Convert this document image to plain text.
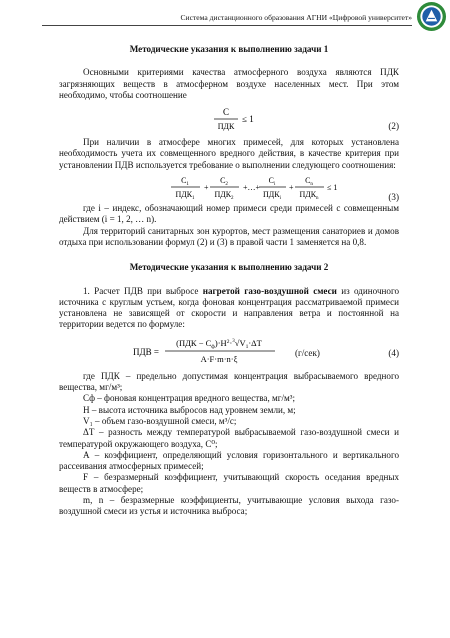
Система дистанционного образования АГНИ «Цифровой университет»
Методические указания к выполнению задачи 1

Основными критериями качества атмосферного воздуха являются ПДК загрязняющих веществ в атмосферном воздухе населенных мест. При этом необходимо, чтобы соотношение

C
ПДК
≤ 1
(2)

При наличии в атмосфере многих примесей, для которых установлена необходимость учета их совмещенного вредного действия, в качестве критерия при установлении ПДВ используется требование о выполнении следующего соотношения:

$C_1$
$ПДК_1$
+
$C_2$
$ПДК_2$
+…+
$C_i$
$ПДК_i$
+
$C_n$
$ПДК_n$
≤ 1
(3)

где i – индекс, обозначающий номер примеси среди примесей с совмещенным действием (i = 1, 2, … n).

Для территорий санитарных зон курортов, мест размещения санаториев и домов отдыха при использовании формул (2) и (3) в правой части 1 заменяется на 0,8.

Методические указания к выполнению задачи 2

1. Расчет ПДВ при выбросе нагретой газо-воздушной смеси из одиночного источника с круглым устьем, когда фоновая концентрация рассматриваемой примеси установлена не зависящей от скорости и направления ветра и постоянной на территории ведется по формуле:

ПДВ =
$(ПДК - C_ф)\cdot H^2\cdot^3√V_1\cdot\Delta T$
A·F·m·n·ξ
(г/сек)	(4)

где ПДК – предельно допустимая концентрация выбрасываемого вредного вещества, мг/м³;

Сф – фоновая концентрация вредного вещества, мг/м³;

Н – высота источника выбросов над уровнем земли, м;

V₁ – объем газо-воздушной смеси, м³/с;

ΔТ – разность между температурой выбрасываемой газо-воздушной смеси и температурой окружающего воздуха, С⁰;

А – коэффициент, определяющий условия горизонтального и вертикального рассеивания атмосферных примесей;

F – безразмерный коэффициент, учитывающий скорость оседания вредных веществ в атмосфере;

m, n – безразмерные коэффициенты, учитывающие условия выхода газо-воздушной смеси из устья и источника выброса;
